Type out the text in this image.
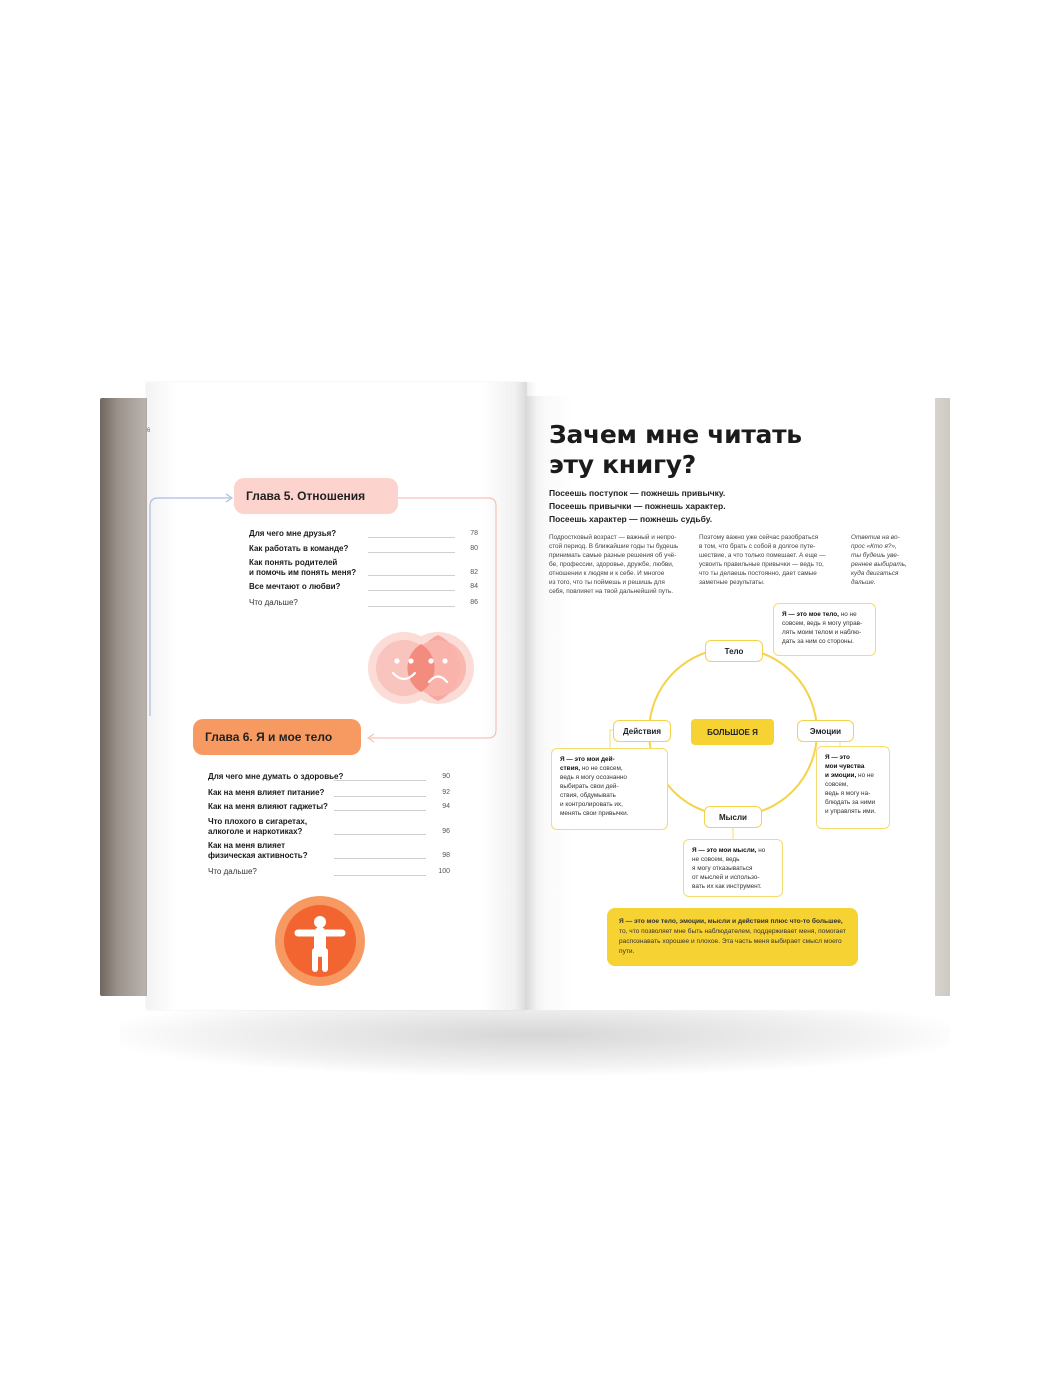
6
Глава 5. Отношения
Для чего мне друзья?	78
Как работать в команде?	80
Как понять родителей
и помочь им понять меня?	82
Все мечтают о любви?	84
Что дальше?	86
Глава 6. Я и мое тело
Для чего мне думать о здоровье?	90
Как на меня влияет питание?	92
Как на меня влияют гаджеты?	94
Что плохого в сигаретах,
алкоголе и наркотиках?	96
Как на меня влияет
физическая активность?	98
Что дальше?	100
Зачем мне читать
эту книгу?
Посеешь поступок — пожнешь привычку.
Посеешь привычки — пожнешь характер.
Посеешь характер — пожнешь судьбу.
Подростковый возраст — важный и непро-
стой период. В ближайшие годы ты будешь
принимать самые разные решения об учё-
бе, профессии, здоровье, дружбе, любви,
отношении к людям и к себе. И многое
из того, что ты поймешь и решишь для
себя, повлияет на твой дальнейший путь.
Поэтому важно уже сейчас разобраться
в том, что брать с собой в долгое путе-
шествие, а что только помешает. А еще —
усвоить правильные привычки — ведь то,
что ты делаешь постоянно, дает самые
заметные результаты.
Ответив на во-
прос «Кто я?»,
ты будешь уве-
реннее выбирать,
куда двигаться
дальше.
Тело
Эмоции
Мысли
Действия	БОЛЬШОЕ Я
Я — это мое тело, но не совсем, ведь я могу управ-
лять моим телом и наблю-
дать за ним со стороны.
Я — это мои дей-
ствия, но не совсем,
ведь я могу осознанно
выбирать свои дей-
ствия, обдумывать
и контролировать их,
менять свои привычки.
Я — это
мои чувства
и эмоции, но не совсем,
ведь я могу на-
блюдать за ними
и управлять ими.
Я — это мои мысли, но не совсем, ведь
я могу отказываться
от мыслей и использо-
вать их как инструмент.
Я — это мое тело, эмоции, мысли и действия плюс что-то большее, то, что позволяет мне быть наблюдателем, поддерживает меня, помогает распознавать хорошее и плохое. Эта часть меня выбирает смысл моего пути.
